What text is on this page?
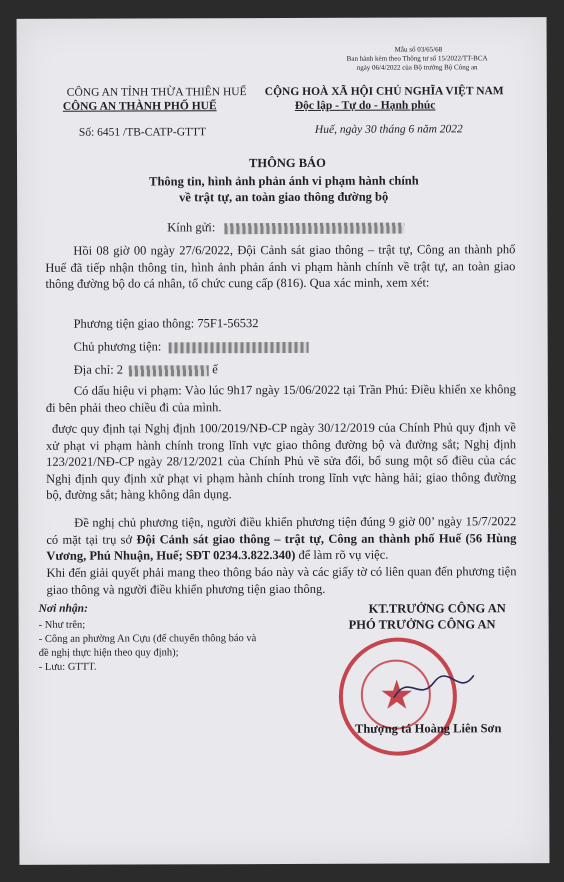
Mẫu số 03/65/68
Ban hành kèm theo Thông tư số 15/2022/TT-BCA
ngày 06/4/2022 của Bộ trưởng Bộ Công an
CÔNG AN TỈNH THỪA THIÊN HUẾ
CÔNG AN THÀNH PHỐ HUẾ
CỘNG HOÀ XÃ HỘI CHỦ NGHĨA VIỆT NAM
Độc lập - Tự do - Hạnh phúc
Số: 6451 /TB-CATP-GTTT	Huế, ngày 30 tháng 6 năm 2022
THÔNG BÁO
Thông tin, hình ảnh phản ánh vi phạm hành chính
về trật tự, an toàn giao thông đường bộ
Kính gửi:
Hồi 08 giờ 00 ngày 27/6/2022, Đội Cảnh sát giao thông – trật tự, Công an thành phố Huế đã tiếp nhận thông tin, hình ảnh phản ánh vi phạm hành chính về trật tự, an toàn giao thông đường bộ do cá nhân, tổ chức cung cấp (816). Qua xác minh, xem xét:
Phương tiện giao thông: 75F1-56532
Chủ phương tiện:
Địa chỉ: 2	ế
Có dấu hiệu vi phạm: Vào lúc 9h17 ngày 15/06/2022 tại Trần Phú: Điều khiển xe không đi bên phải theo chiều đi của mình.
được quy định tại Nghị định 100/2019/NĐ-CP ngày 30/12/2019 của Chính Phủ quy định về xử phạt vi phạm hành chính trong lĩnh vực giao thông đường bộ và đường sắt; Nghị định 123/2021/NĐ-CP ngày 28/12/2021 của Chính Phủ về sửa đổi, bổ sung một số điều của các Nghị định quy định xử phạt vi phạm hành chính trong lĩnh vực hàng hải; giao thông đường bộ, đường sắt; hàng không dân dụng.
Đề nghị chủ phương tiện, người điều khiển phương tiện đúng 9 giờ 00’ ngày 15/7/2022 có mặt tại trụ sở Đội Cảnh sát giao thông – trật tự, Công an thành phố Huế (56 Hùng Vương, Phú Nhuận, Huế; SĐT 0234.3.822.340) để làm rõ vụ việc.
Khi đến giải quyết phải mang theo thông báo này và các giấy tờ có liên quan đến phương tiện giao thông và người điều khiển phương tiện giao thông.
Nơi nhận:
- Như trên;
- Công an phường An Cựu (để chuyển thông báo và
đề nghị thực hiện theo quy định);
- Lưu: GTTT.
KT.TRƯỞNG CÔNG AN
PHÓ TRƯỞNG CÔNG AN
★
Thượng tá Hoàng Liên Sơn
